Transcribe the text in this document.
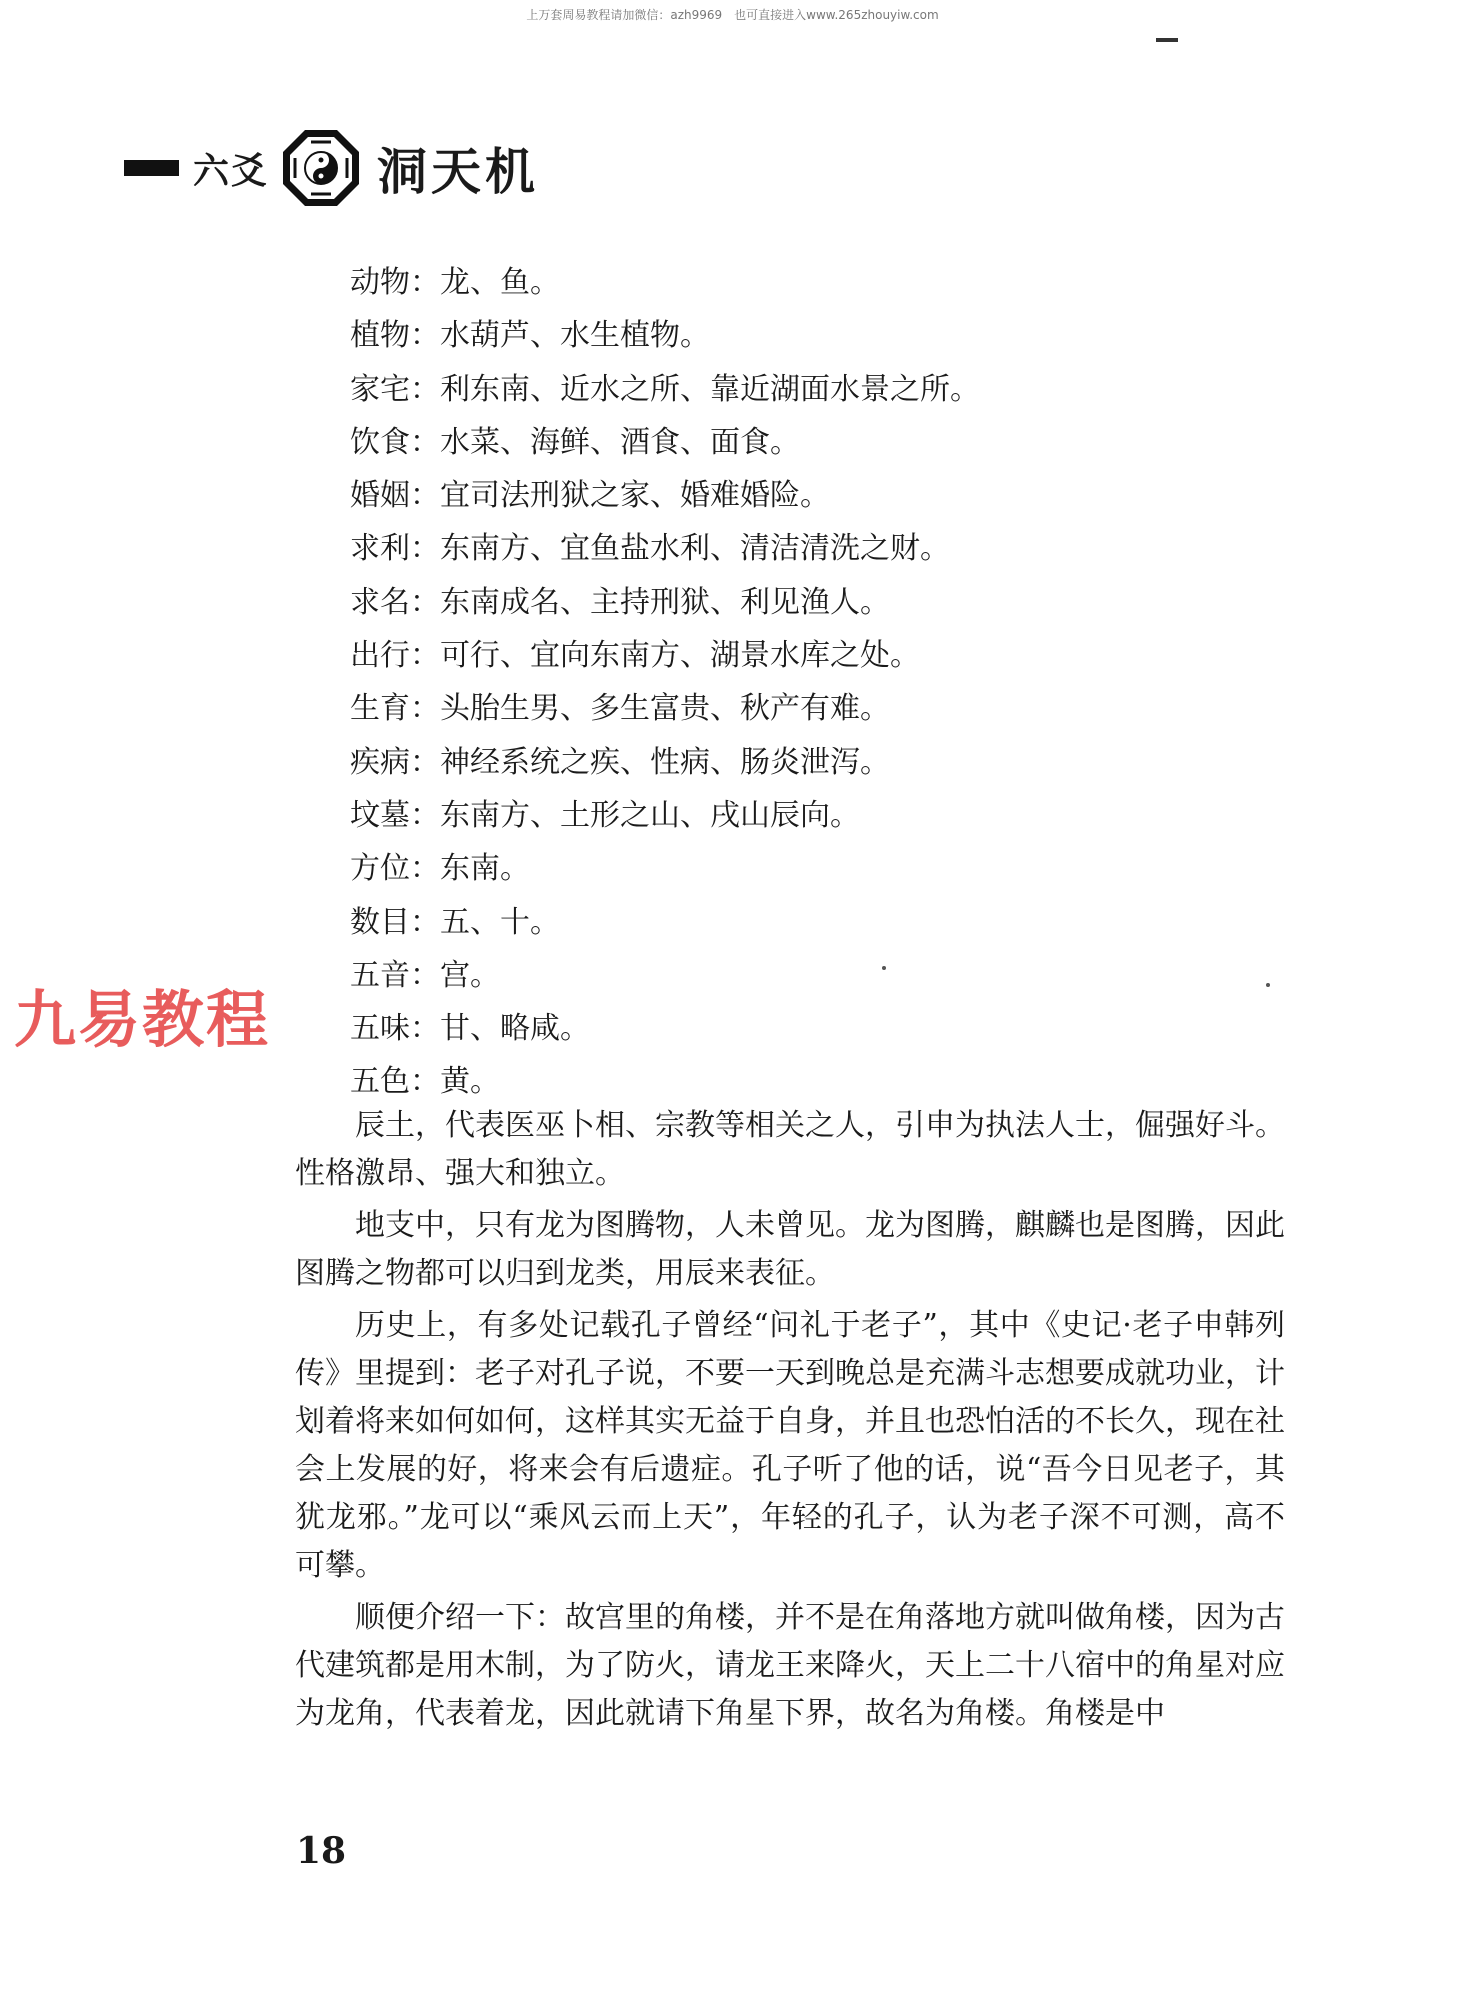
上万套周易教程请加微信：azh9969　也可直接进入www.265zhouyiw.com
六爻 洞天机
动物：龙、鱼。
植物：水葫芦、水生植物。
家宅：利东南、近水之所、靠近湖面水景之所。
饮食：水菜、海鲜、酒食、面食。
婚姻：宜司法刑狱之家、婚难婚险。
求利：东南方、宜鱼盐水利、清洁清洗之财。
求名：东南成名、主持刑狱、利见渔人。
出行：可行、宜向东南方、湖景水库之处。
生育：头胎生男、多生富贵、秋产有难。
疾病：神经系统之疾、性病、肠炎泄泻。
坟墓：东南方、土形之山、戌山辰向。
方位：东南。
数目：五、十。
五音：宫。
五味：甘、略咸。
五色：黄。
九易教程

辰土，代表医巫卜相、宗教等相关之人，引申为执法人士，倔强好斗。性格激昂、强大和独立。

地支中，只有龙为图腾物，人未曾见。龙为图腾，麒麟也是图腾，因此图腾之物都可以归到龙类，用辰来表征。

历史上，有多处记载孔子曾经“问礼于老子”，其中《史记·老子申韩列传》里提到：老子对孔子说，不要一天到晚总是充满斗志想要成就功业，计划着将来如何如何，这样其实无益于自身，并且也恐怕活的不长久，现在社会上发展的好，将来会有后遗症。孔子听了他的话，说“吾今日见老子，其犹龙邪。”龙可以“乘风云而上天”，年轻的孔子，认为老子深不可测，高不可攀。

顺便介绍一下：故宫里的角楼，并不是在角落地方就叫做角楼，因为古代建筑都是用木制，为了防火，请龙王来降火，天上二十八宿中的角星对应为龙角，代表着龙，因此就请下角星下界，故名为角楼。角楼是中

18
